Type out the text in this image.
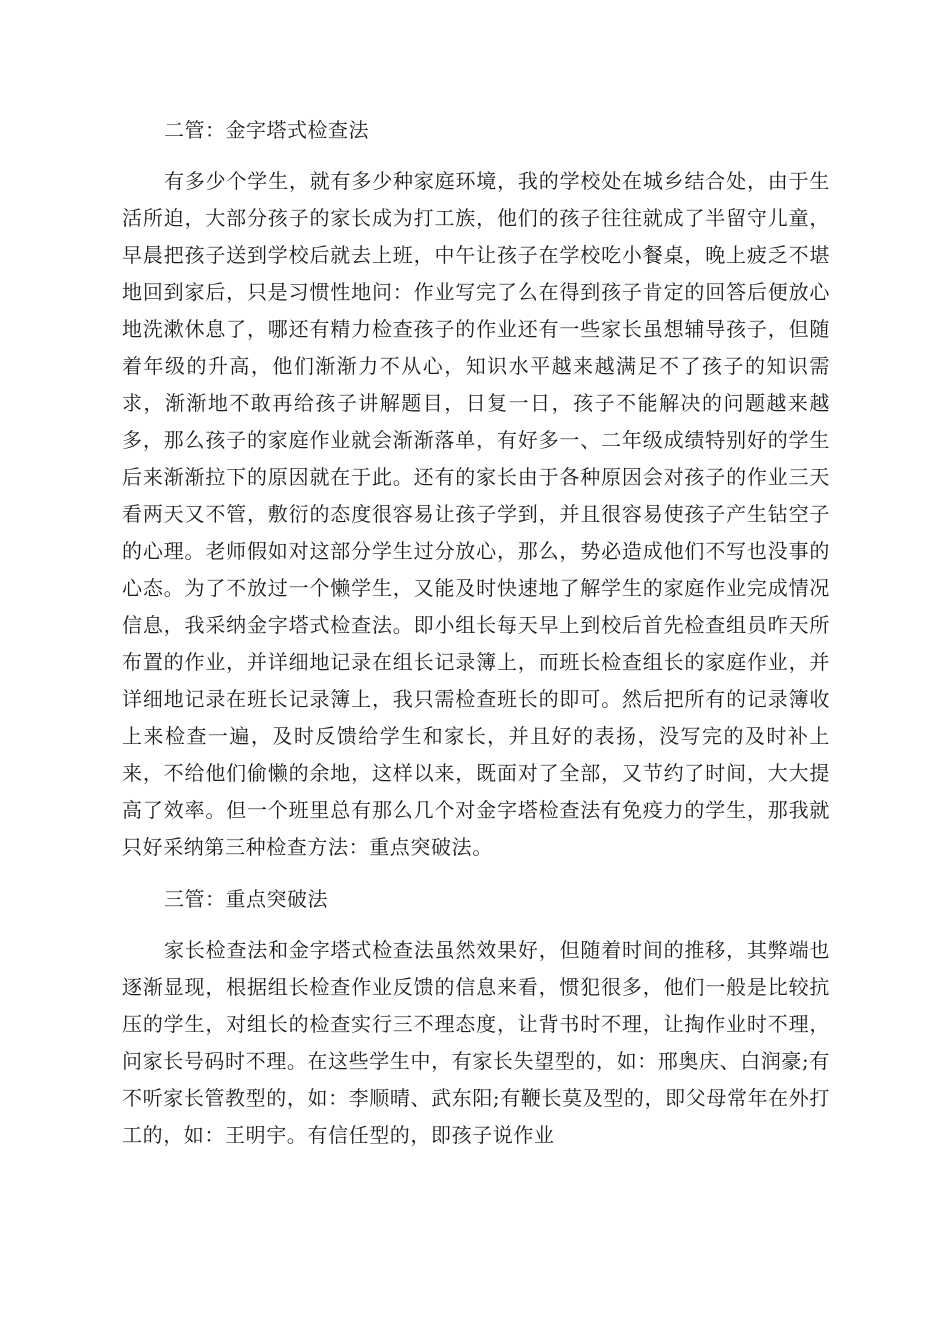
二管：金字塔式检查法
有多少个学生，就有多少种家庭环境，我的学校处在城乡结合处，由于生活所迫，大部分孩子的家长成为打工族，他们的孩子往往就成了半留守儿童，早晨把孩子送到学校后就去上班，中午让孩子在学校吃小餐桌，晚上疲乏不堪地回到家后，只是习惯性地问：作业写完了么在得到孩子肯定的回答后便放心地洗漱休息了，哪还有精力检查孩子的作业还有一些家长虽想辅导孩子，但随着年级的升高，他们渐渐力不从心，知识水平越来越满足不了孩子的知识需求，渐渐地不敢再给孩子讲解题目，日复一日，孩子不能解决的问题越来越多，那么孩子的家庭作业就会渐渐落单，有好多一、二年级成绩特别好的学生后来渐渐拉下的原因就在于此。还有的家长由于各种原因会对孩子的作业三天看两天又不管，敷衍的态度很容易让孩子学到，并且很容易使孩子产生钻空子的心理。老师假如对这部分学生过分放心，那么，势必造成他们不写也没事的心态。为了不放过一个懒学生，又能及时快速地了解学生的家庭作业完成情况信息，我采纳金字塔式检查法。即小组长每天早上到校后首先检查组员昨天所布置的作业，并详细地记录在组长记录簿上，而班长检查组长的家庭作业，并详细地记录在班长记录簿上，我只需检查班长的即可。然后把所有的记录簿收上来检查一遍，及时反馈给学生和家长，并且好的表扬，没写完的及时补上来，不给他们偷懒的余地，这样以来，既面对了全部，又节约了时间，大大提高了效率。但一个班里总有那么几个对金字塔检查法有免疫力的学生，那我就只好采纳第三种检查方法：重点突破法。
三管：重点突破法
家长检查法和金字塔式检查法虽然效果好，但随着时间的推移，其弊端也逐渐显现，根据组长检查作业反馈的信息来看，惯犯很多，他们一般是比较抗压的学生，对组长的检查实行三不理态度，让背书时不理，让掏作业时不理，问家长号码时不理。在这些学生中，有家长失望型的，如：邢奥庆、白润豪;有不听家长管教型的，如：李顺晴、武东阳;有鞭长莫及型的，即父母常年在外打工的，如：王明宇。有信任型的，即孩子说作业
